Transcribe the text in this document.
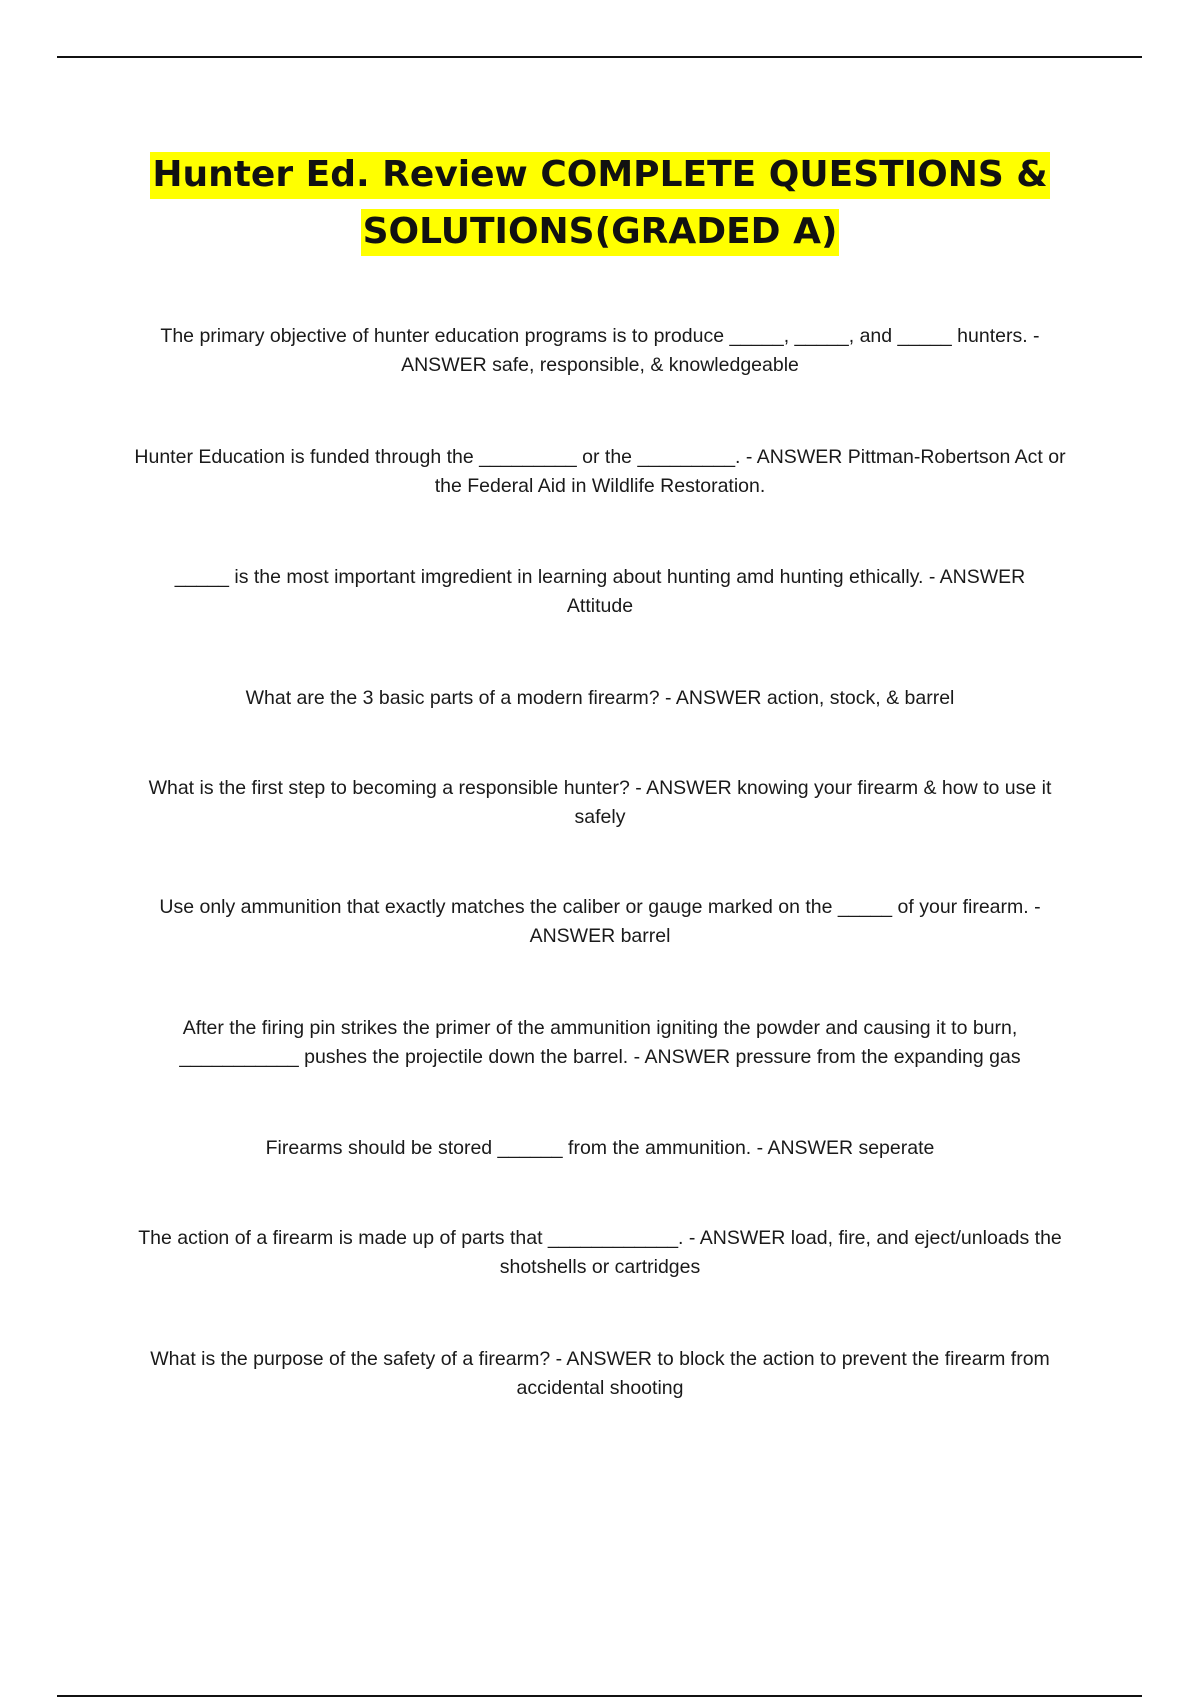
Hunter Ed. Review COMPLETE QUESTIONS &
SOLUTIONS(GRADED A)
The primary objective of hunter education programs is to produce _____, _____, and _____ hunters. -
ANSWER safe, responsible, & knowledgeable
Hunter Education is funded through the _________ or the _________. - ANSWER Pittman-Robertson Act or
the Federal Aid in Wildlife Restoration.
_____ is the most important imgredient in learning about hunting amd hunting ethically. - ANSWER
Attitude
What are the 3 basic parts of a modern firearm? - ANSWER action, stock, & barrel
What is the first step to becoming a responsible hunter? - ANSWER knowing your firearm & how to use it
safely
Use only ammunition that exactly matches the caliber or gauge marked on the _____ of your firearm. -
ANSWER barrel
After the firing pin strikes the primer of the ammunition igniting the powder and causing it to burn,
___________ pushes the projectile down the barrel. - ANSWER pressure from the expanding gas
Firearms should be stored ______ from the ammunition. - ANSWER seperate
The action of a firearm is made up of parts that ____________. - ANSWER load, fire, and eject/unloads the
shotshells or cartridges
What is the purpose of the safety of a firearm? - ANSWER to block the action to prevent the firearm from
accidental shooting
